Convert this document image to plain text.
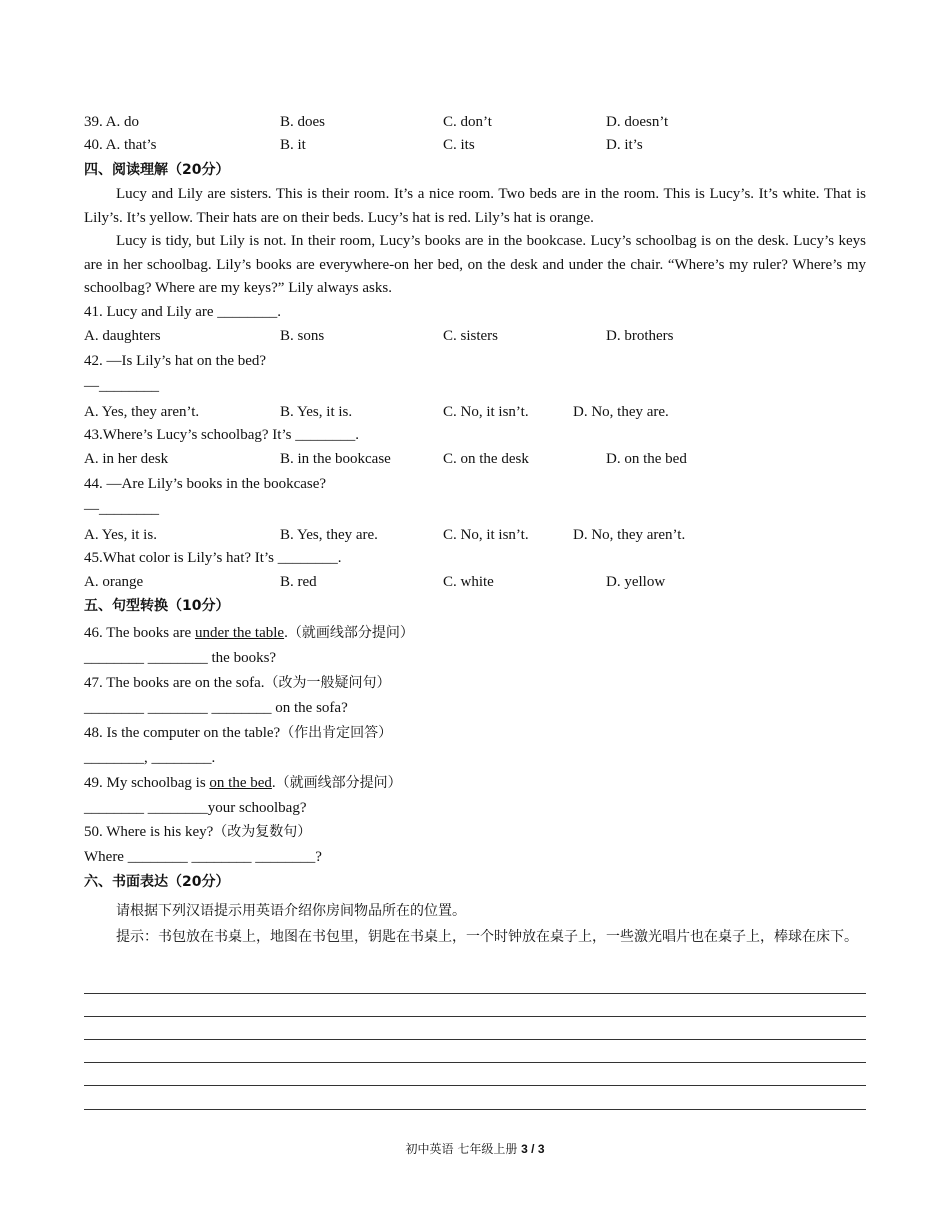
39. A. do	B. does	C. don’t	D. doesn’t
40. A. that’s	B. it	C. its	D. it’s
四、阅读理解（20分）

Lucy and Lily are sisters. This is their room. It’s a nice room. Two beds are in the room. This is Lucy’s. It’s white. That is Lily’s. It’s yellow. Their hats are on their beds. Lucy’s hat is red. Lily’s hat is orange.

Lucy is tidy, but Lily is not. In their room, Lucy’s books are in the bookcase. Lucy’s schoolbag is on the desk. Lucy’s keys are in her schoolbag. Lily’s books are everywhere-on her bed, on the desk and under the chair. “Where’s my ruler? Where’s my schoolbag? Where are my keys?” Lily always asks.

41. Lucy and Lily are ________.
A. daughters	B. sons	C. sisters	D. brothers
42. —Is Lily’s hat on the bed?
—________
A. Yes, they aren’t.	B. Yes, it is.	C. No, it isn’t.	D. No, they are.
43.Where’s Lucy’s schoolbag? It’s ________.
A. in her desk	B. in the bookcase	C. on the desk	D. on the bed
44. —Are Lily’s books in the bookcase?
—________
A. Yes, it is.	B. Yes, they are.	C. No, it isn’t.	D. No, they aren’t.
45.What color is Lily’s hat? It’s ________.
A. orange	B. red	C. white	D. yellow
五、句型转换（10分）
46. The books are under the table.（就画线部分提问）
________ ________ the books?
47. The books are on the sofa.（改为一般疑问句）
________ ________ ________ on the sofa?
48. Is the computer on the table?（作出肯定回答）
________, ________.
49. My schoolbag is on the bed.（就画线部分提问）
________ ________your schoolbag?
50. Where is his key?（改为复数句）
Where ________ ________ ________?
六、书面表达（20分）

请根据下列汉语提示用英语介绍你房间物品所在的位置。

提示：书包放在书桌上，地图在书包里，钥匙在书桌上，一个时钟放在桌子上，一些激光唱片也在桌子上，棒球在床下。

初中英语 七年级上册 3 / 3
